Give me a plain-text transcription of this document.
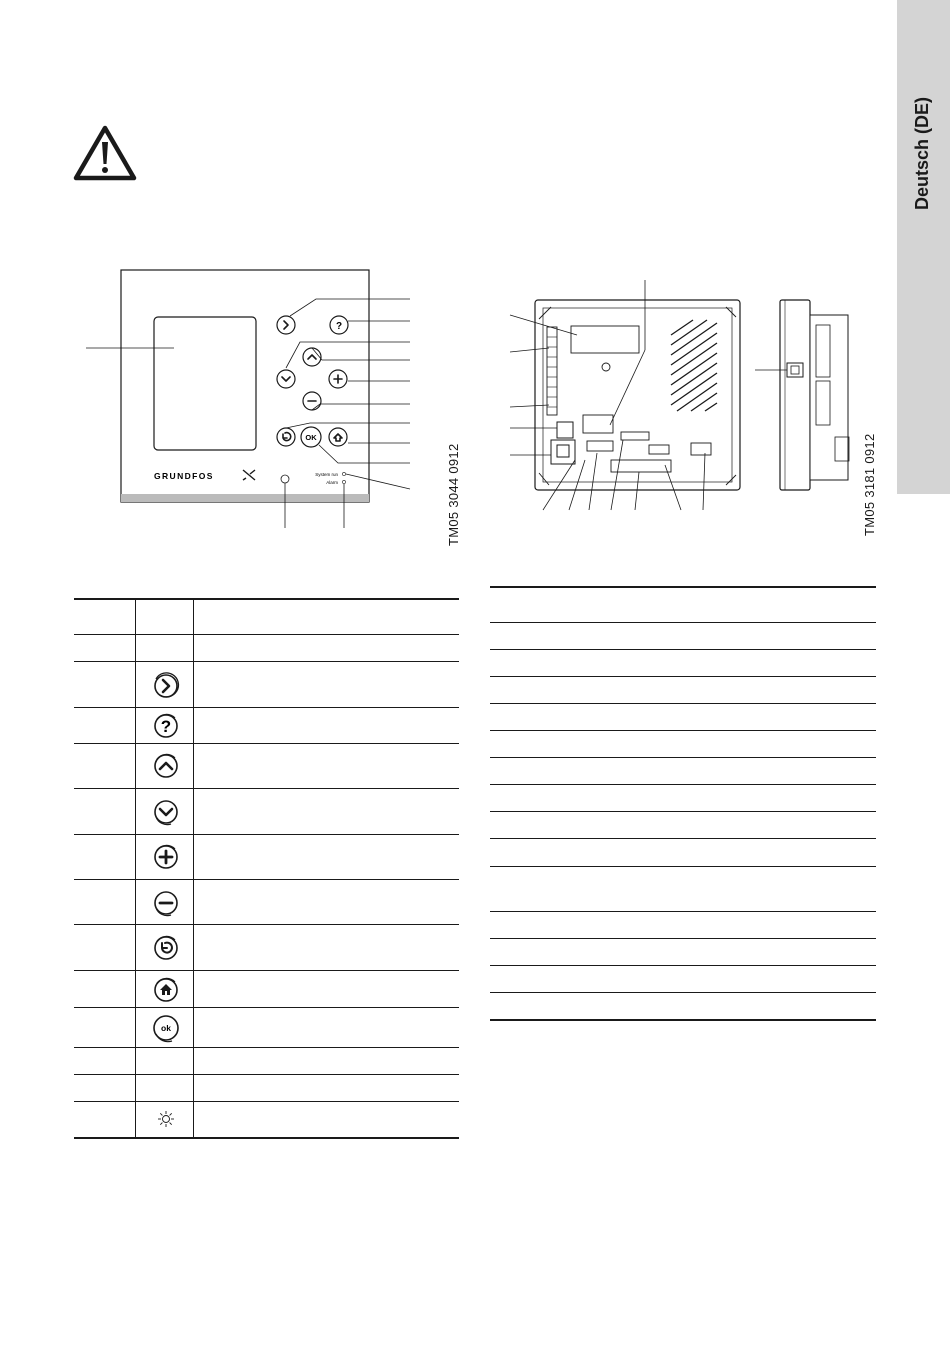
Deutsch (DE)
?
OK
GRUNDFOS	System run
Alarm	TM05 3044 0912	TM05 3181 0912
?
ok
